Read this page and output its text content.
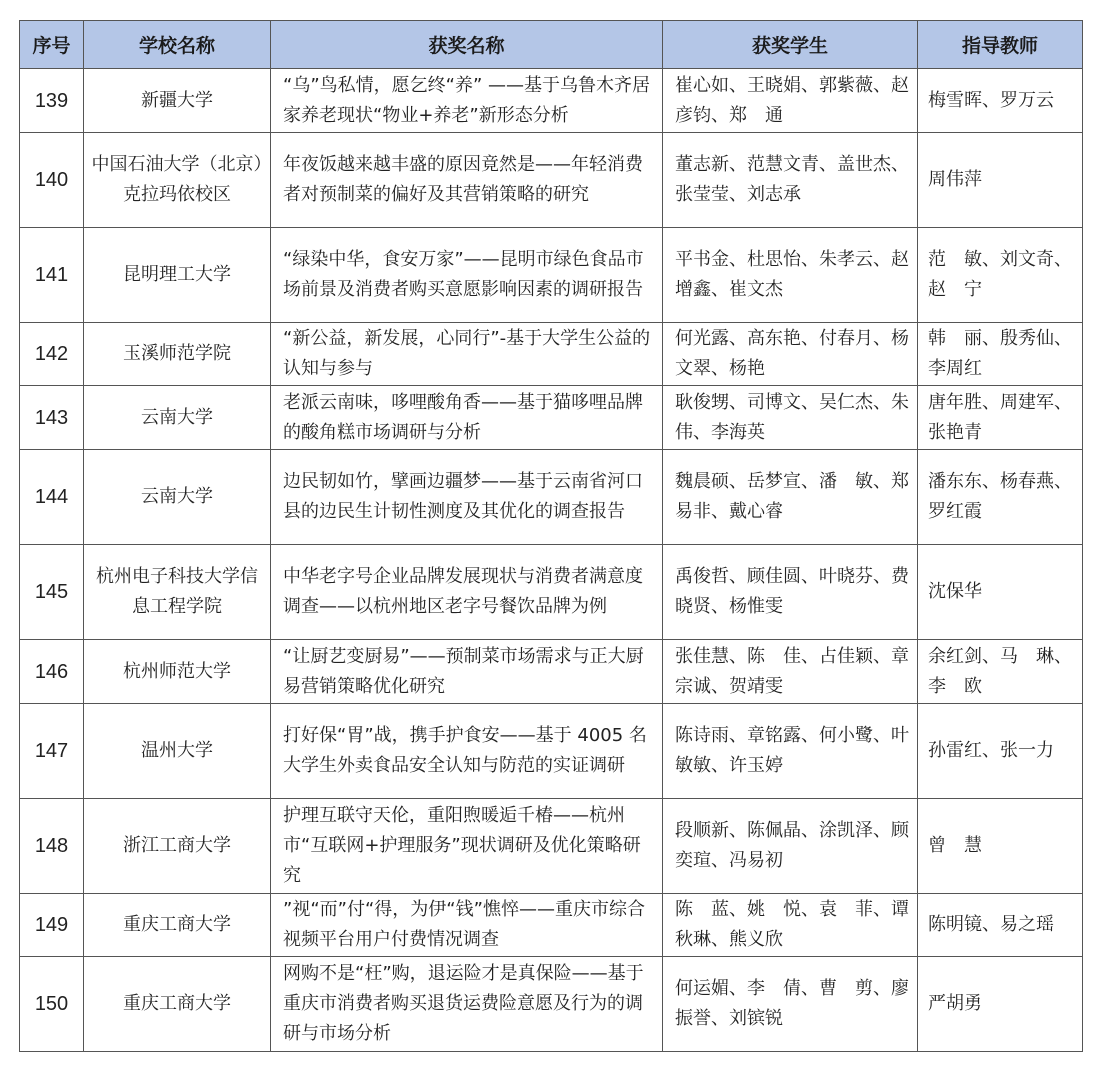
序号	学校名称	获奖名称	获奖学生	指导教师
139	新疆大学	“乌”鸟私情，愿乞终“养” ——基于乌鲁木齐居家养老现状“物业+养老”新形态分析	崔心如、王晓娟、郭紫薇、赵彦钧、郑　通	梅雪晖、罗万云
140	中国石油大学（北京）克拉玛依校区	年夜饭越来越丰盛的原因竟然是——年轻消费者对预制菜的偏好及其营销策略的研究	董志新、范慧文青、盖世杰、张莹莹、刘志承	周伟萍
141	昆明理工大学	“绿染中华，食安万家”——昆明市绿色食品市场前景及消费者购买意愿影响因素的调研报告	平书金、杜思怡、朱孝云、赵增鑫、崔文杰	范　敏、刘文奇、赵　宁
142	玉溪师范学院	“新公益，新发展，心同行”-基于大学生公益的认知与参与	何光露、高东艳、付春月、杨文翠、杨艳	韩　丽、殷秀仙、李周红
143	云南大学	老派云南味，哆哩酸角香——基于猫哆哩品牌的酸角糕市场调研与分析	耿俊甥、司博文、吴仁杰、朱　伟、李海英	唐年胜、周建军、张艳青
144	云南大学	边民韧如竹，擘画边疆梦——基于云南省河口县的边民生计韧性测度及其优化的调查报告	魏晨硕、岳梦宣、潘　敏、郑易非、戴心睿	潘东东、杨春燕、罗红霞
145	杭州电子科技大学信息工程学院	中华老字号企业品牌发展现状与消费者满意度调查——以杭州地区老字号餐饮品牌为例	禹俊哲、顾佳圆、叶晓芬、费晓贤、杨惟雯	沈保华
146	杭州师范大学	“让厨艺变厨易”——预制菜市场需求与正大厨易营销策略优化研究	张佳慧、陈　佳、占佳颖、章宗诚、贺靖雯	余红剑、马　琳、李　欧
147	温州大学	打好保“胃”战，携手护食安——基于 4005 名大学生外卖食品安全认知与防范的实证调研	陈诗雨、章铭露、何小鹭、叶敏敏、许玉婷	孙雷红、张一力
148	浙江工商大学	护理互联守天伦，重阳煦暖逅千椿——杭州市“互联网+护理服务”现状调研及优化策略研究	段顺新、陈佩晶、涂凯泽、顾奕瑄、冯易初	曾　慧
149	重庆工商大学	”视“而”付“得，为伊“钱”憔悴——重庆市综合视频平台用户付费情况调查	陈　蓝、姚　悦、袁　菲、谭秋琳、熊义欣	陈明镜、易之瑶
150	重庆工商大学	网购不是“枉”购，退运险才是真保险——基于重庆市消费者购买退货运费险意愿及行为的调研与市场分析	何运媚、李　倩、曹　剪、廖振誉、刘镔锐	严胡勇
